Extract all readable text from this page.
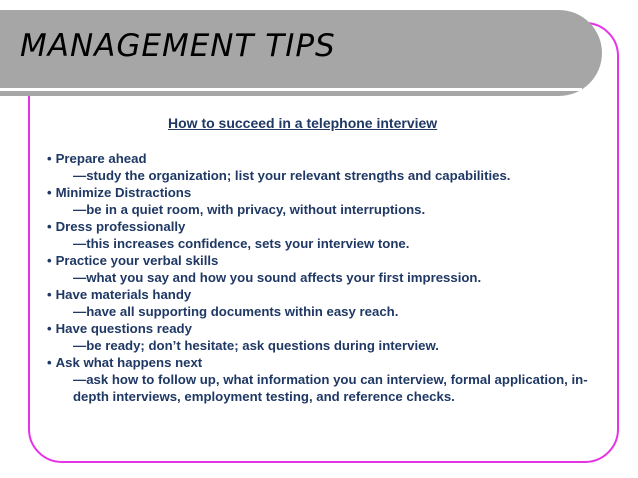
MANAGEMENT TIPS

How to succeed in a telephone interview

• Prepare ahead
—study the organization; list your relevant strengths and capabilities.
• Minimize Distractions
—be in a quiet room, with privacy, without interruptions.
• Dress professionally
—this increases confidence, sets your interview tone.
• Practice your verbal skills
—what you say and how you sound affects your first impression.
• Have materials handy
—have all supporting documents within easy reach.
• Have questions ready
—be ready; don’t hesitate; ask questions during interview.
• Ask what happens next
—ask how to follow up, what information you can interview, formal application, in-depth interviews, employment testing, and reference checks.
